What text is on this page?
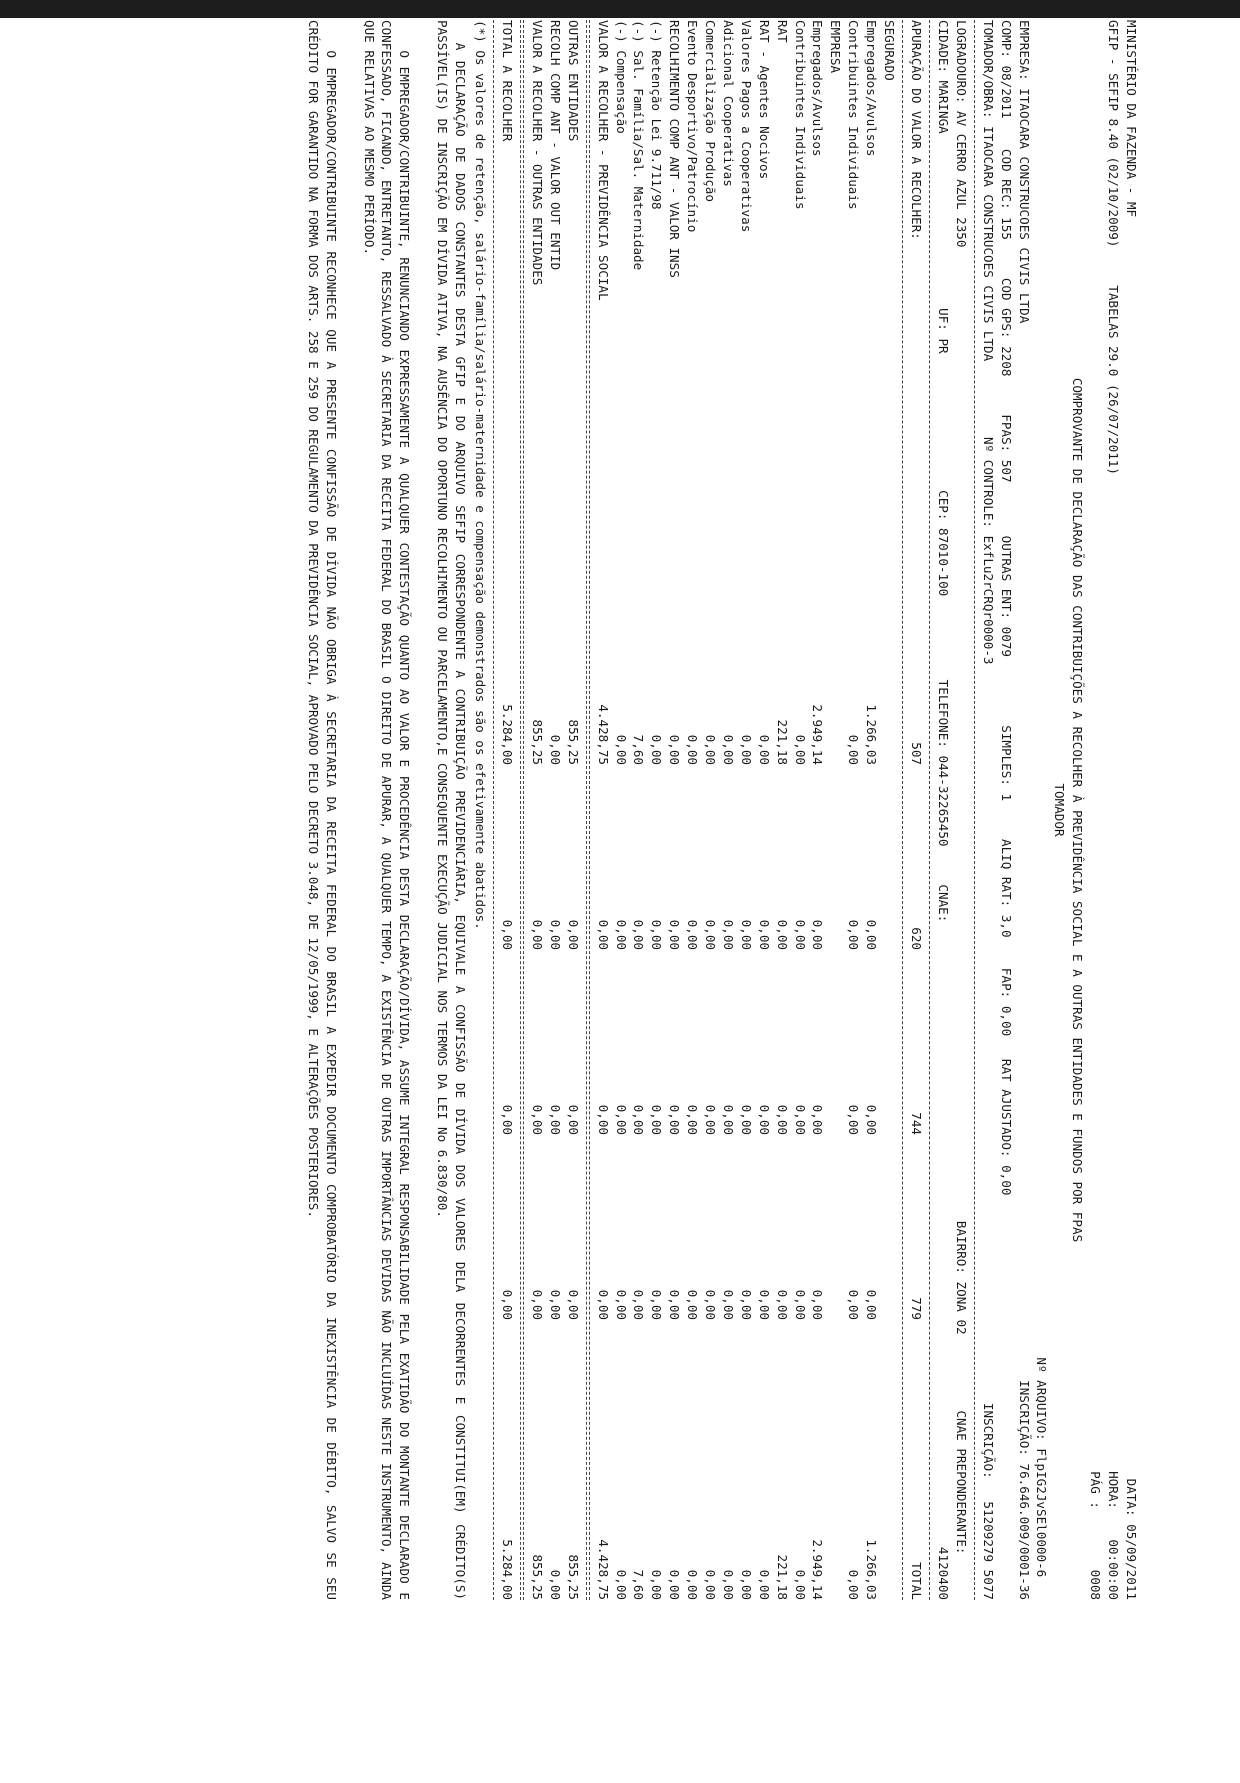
MINISTÉRIO DA FAZENDA - MF
DATA: 05/09/2011
GFIP - SEFIP 8.40 (02/10/2009)

TABELAS 29.0 (26/07/2011)
HORA:    00:00:00
PÁG :        0008
COMPROVANTE DE DECLARAÇÃO DAS CONTRIBUIÇÕES A RECOLHER À PREVIDÊNCIA SOCIAL E A OUTRAS ENTIDADES E FUNDOS POR FPAS
TOMADOR
Nº ARQUIVO: FlpIG2JvSEl0000-6

EMPRESA: ITAOCARA CONSTRUCOES CIVIS LTDA
INSCRIÇÃO: 76.646.009/0001-36
COMP: 08/2011

COD REC: 155

COD GPS: 2208

FPAS: 507

OUTRAS ENT: 0079

SIMPLES: 1

ALIQ RAT: 3,0

FAP: 0,00

RAT AJUSTADO: 0,00
TOMADOR/OBRA: ITAOCARA CONSTRUCOES CIVIS LTDA

Nº CONTROLE: ExfLu2rCRQr0000-3
INSCRIÇÃO:   51209279 5077
LOGRADOURO: AV CERRO AZUL 2350
BAIRRO: ZONA 02

CNAE PREPONDERANTE:

CIDADE: MARINGA

UF: PR

CEP: 87010-100

TELEFONE: 044-32265450

CNAE:
4120400
APURAÇÃO DO VALOR A RECOLHER:	507	620	744	779	TOTAL
SEGURADO					
Empregados/Avulsos	1.266,03	0,00	0,00	0,00	1.266,03
Contribuintes Individuais	0,00	0,00	0,00	0,00	0,00
EMPRESA					
Empregados/Avulsos	2.949,14	0,00	0,00	0,00	2.949,14
Contribuintes Individuais	0,00	0,00	0,00	0,00	0,00
RAT	221,18	0,00	0,00	0,00	221,18
RAT - Agentes Nocivos	0,00	0,00	0,00	0,00	0,00
Valores Pagos a Cooperativas	0,00	0,00	0,00	0,00	0,00
Adicional Cooperativas	0,00	0,00	0,00	0,00	0,00
Comercialização Produção	0,00	0,00	0,00	0,00	0,00
Evento Desportivo/Patrocínio	0,00	0,00	0,00	0,00	0,00
RECOLHIMENTO COMP ANT - VALOR INSS	0,00	0,00	0,00	0,00	0,00
(-) Retenção Lei 9.711/98	0,00	0,00	0,00	0,00	0,00
(-) Sal. Família/Sal. Maternidade	7,60	0,00	0,00	0,00	7,60
(-) Compensação	0,00	0,00	0,00	0,00	0,00
VALOR A RECOLHER - PREVIDÊNCIA SOCIAL	4.428,75	0,00	0,00	0,00	4.428,75
OUTRAS ENTIDADES	855,25	0,00	0,00	0,00	855,25
RECOLH COMP ANT - VALOR OUT ENTID	0,00	0,00	0,00	0,00	0,00
VALOR A RECOLHER - OUTRAS ENTIDADES	855,25	0,00	0,00	0,00	855,25
TOTAL A RECOLHER	5.284,00	0,00	0,00	0,00	5.284,00
(*) Os valores de retenção, salário-família/salário-maternidade e compensação demonstrados são os efetivamente abatidos.
A DECLARAÇÃO DE DADOS CONSTANTES DESTA GFIP E DO ARQUIVO SEFIP CORRESPONDENTE A CONTRIBUIÇÃO PREVIDENCIÁRIA, EQUIVALE A CONFISSÃO DE DÍVIDA DOS VALORES DELA DECORRENTES E CONSTITUI(EM) CRÉDITO(S) PASSÍVEL(IS) DE INSCRIÇÃO EM DÍVIDA ATIVA, NA AUSÊNCIA DO OPORTUNO RECOLHIMENTO OU PARCELAMENTO,E CONSEQUENTE EXECUÇÃO JUDICIAL NOS TERMOS DA LEI No 6.830/80.
O EMPREGADOR/CONTRIBUINTE, RENUNCIANDO EXPRESSAMENTE A QUALQUER CONTESTAÇÃO QUANTO AO VALOR E PROCEDÊNCIA DESTA DECLARAÇÃO/DÍVIDA, ASSUME INTEGRAL RESPONSABILIDADE PELA EXATIDÃO DO MONTANTE DECLARADO E CONFESSADO, FICANDO, ENTRETANTO, RESSALVADO À SECRETARIA DA RECEITA FEDERAL DO BRASIL O DIREITO DE APURAR, A QUALQUER TEMPO, A EXISTÊNCIA DE OUTRAS IMPORTÂNCIAS DEVIDAS NÃO INCLUÍDAS NESTE INSTRUMENTO, AINDA QUE RELATIVAS AO MESMO PERÍODO.
O EMPREGADOR/CONTRIBUINTE RECONHECE QUE A PRESENTE CONFISSÃO DE DÍVIDA NÃO OBRIGA À SECRETARIA DA RECEITA FEDERAL DO BRASIL A EXPEDIR DOCUMENTO COMPROBATÓRIO DA INEXISTÊNCIA DE DÉBITO, SALVO SE SEU CRÉDITO FOR GARANTIDO NA FORMA DOS ARTS. 258 E 259 DO REGULAMENTO DA PREVIDÊNCIA SOCIAL, APROVADO PELO DECRETO 3.048, DE 12/05/1999, E ALTERAÇÕES POSTERIORES.
